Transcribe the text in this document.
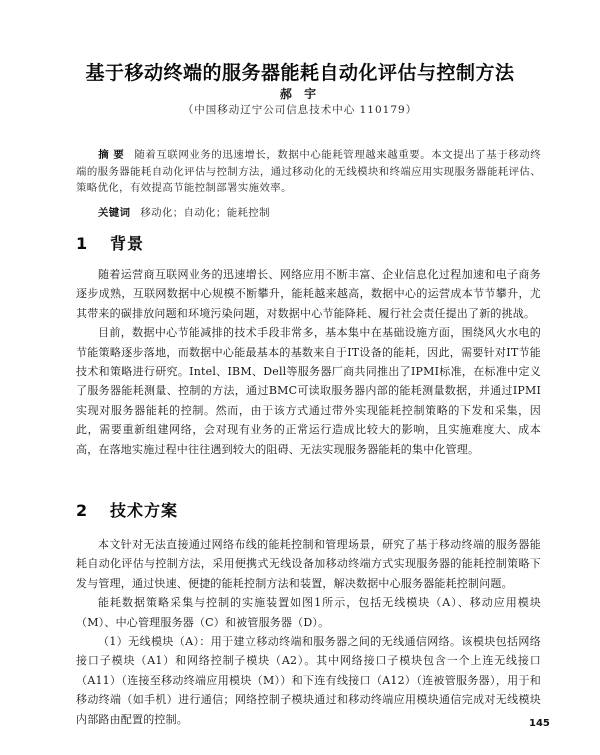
基于移动终端的服务器能耗自动化评估与控制方法
郝 宇
（中国移动辽宁公司信息技术中心 110179）
摘 要 随着互联网业务的迅速增长，数据中心能耗管理越来越重要。本文提出了基于移动终端的服务器能耗自动化评估与控制方法，通过移动化的无线模块和终端应用实现服务器能耗评估、策略优化，有效提高节能控制部署实施效率。
关键词 移动化；自动化；能耗控制
1 背景

随着运营商互联网业务的迅速增长、网络应用不断丰富、企业信息化过程加速和电子商务逐步成熟，互联网数据中心规模不断攀升，能耗越来越高，数据中心的运营成本节节攀升，尤其带来的碳排放问题和环境污染问题，对数据中心节能降耗、履行社会责任提出了新的挑战。

目前，数据中心节能减排的技术手段非常多，基本集中在基础设施方面，围绕风火水电的节能策略逐步落地，而数据中心能最基本的基数来自于IT设备的能耗，因此，需要针对IT节能技术和策略进行研究。Intel、IBM、Dell等服务器厂商共同推出了IPMI标准，在标准中定义了服务器能耗测量、控制的方法，通过BMC可读取服务器内部的能耗测量数据，并通过IPMI实现对服务器能耗的控制。然而，由于该方式通过带外实现能耗控制策略的下发和采集，因此，需要重新组建网络，会对现有业务的正常运行造成比较大的影响，且实施难度大、成本高，在落地实施过程中往往遇到较大的阻碍、无法实现服务器能耗的集中化管理。

2 技术方案

本文针对无法直接通过网络布线的能耗控制和管理场景，研究了基于移动终端的服务器能耗自动化评估与控制方法，采用便携式无线设备加移动终端方式实现服务器的能耗控制策略下发与管理，通过快速、便捷的能耗控制方法和装置，解决数据中心服务器能耗控制问题。

能耗数据策略采集与控制的实施装置如图1所示，包括无线模块（A）、移动应用模块（M）、中心管理服务器（C）和被管服务器（D）。

（1）无线模块（A）：用于建立移动终端和服务器之间的无线通信网络。该模块包括网络接口子模块（A1）和网络控制子模块（A2）。其中网络接口子模块包含一个上连无线接口（A11）（连接至移动终端应用模块（M））和下连有线接口（A12）（连被管服务器），用于和移动终端（如手机）进行通信；网络控制子模块通过和移动终端应用模块通信完成对无线模块内部路由配置的控制。	145
